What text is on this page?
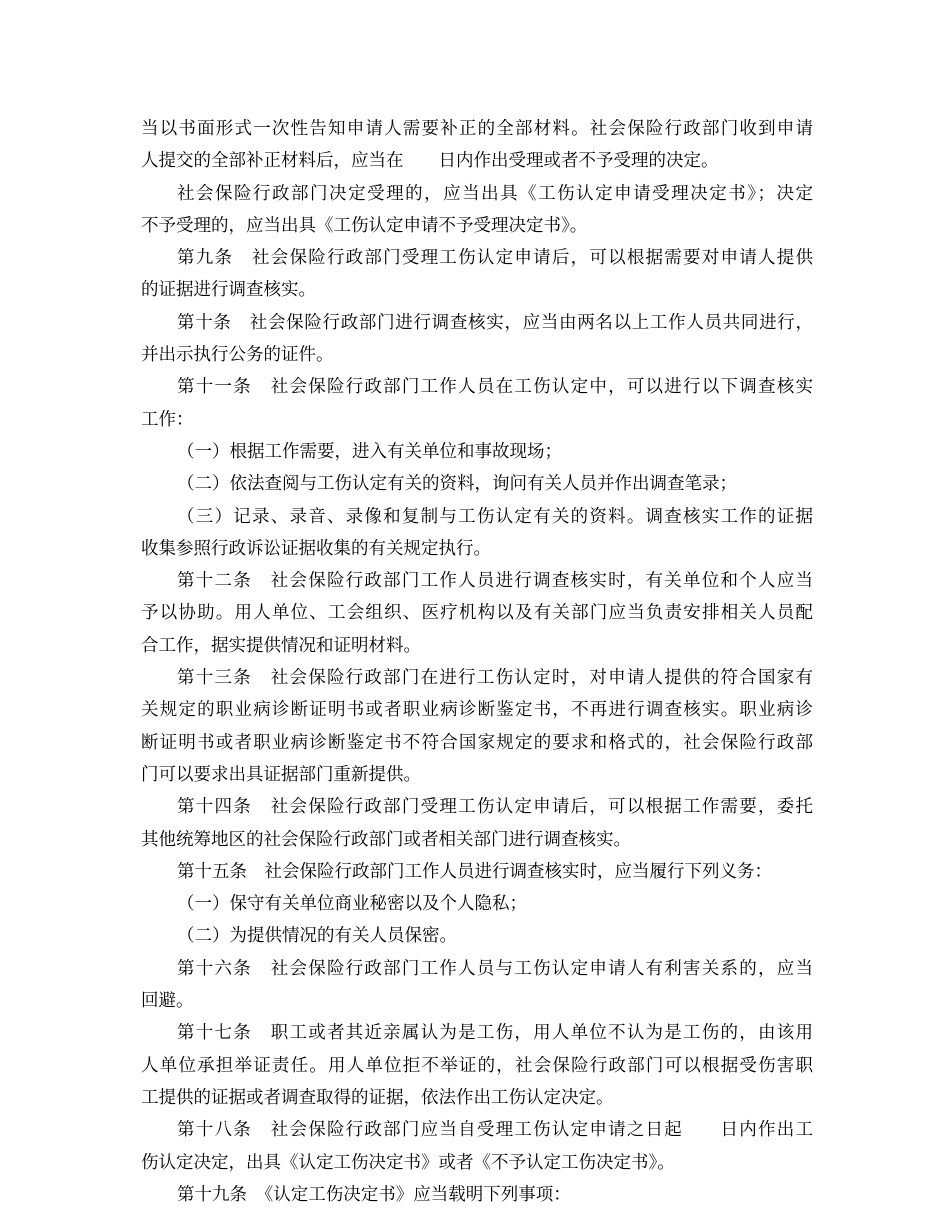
当以书面形式一次性告知申请人需要补正的全部材料。社会保险行政部门收到申请
人提交的全部补正材料后，应当在　　日内作出受理或者不予受理的决定。
社会保险行政部门决定受理的，应当出具《工伤认定申请受理决定书》；决定
不予受理的，应当出具《工伤认定申请不予受理决定书》。
第九条　社会保险行政部门受理工伤认定申请后，可以根据需要对申请人提供
的证据进行调查核实。
第十条　社会保险行政部门进行调查核实，应当由两名以上工作人员共同进行，
并出示执行公务的证件。
第十一条　社会保险行政部门工作人员在工伤认定中，可以进行以下调查核实
工作：
（一）根据工作需要，进入有关单位和事故现场；
（二）依法查阅与工伤认定有关的资料，询问有关人员并作出调查笔录；
（三）记录、录音、录像和复制与工伤认定有关的资料。调查核实工作的证据
收集参照行政诉讼证据收集的有关规定执行。
第十二条　社会保险行政部门工作人员进行调查核实时，有关单位和个人应当
予以协助。用人单位、工会组织、医疗机构以及有关部门应当负责安排相关人员配
合工作，据实提供情况和证明材料。
第十三条　社会保险行政部门在进行工伤认定时，对申请人提供的符合国家有
关规定的职业病诊断证明书或者职业病诊断鉴定书，不再进行调查核实。职业病诊
断证明书或者职业病诊断鉴定书不符合国家规定的要求和格式的，社会保险行政部
门可以要求出具证据部门重新提供。
第十四条　社会保险行政部门受理工伤认定申请后，可以根据工作需要，委托
其他统筹地区的社会保险行政部门或者相关部门进行调查核实。
第十五条　社会保险行政部门工作人员进行调查核实时，应当履行下列义务：
（一）保守有关单位商业秘密以及个人隐私；
（二）为提供情况的有关人员保密。
第十六条　社会保险行政部门工作人员与工伤认定申请人有利害关系的，应当
回避。
第十七条　职工或者其近亲属认为是工伤，用人单位不认为是工伤的，由该用
人单位承担举证责任。用人单位拒不举证的，社会保险行政部门可以根据受伤害职
工提供的证据或者调查取得的证据，依法作出工伤认定决定。
第十八条　社会保险行政部门应当自受理工伤认定申请之日起　　日内作出工
伤认定决定，出具《认定工伤决定书》或者《不予认定工伤决定书》。
第十九条　《认定工伤决定书》应当载明下列事项：
